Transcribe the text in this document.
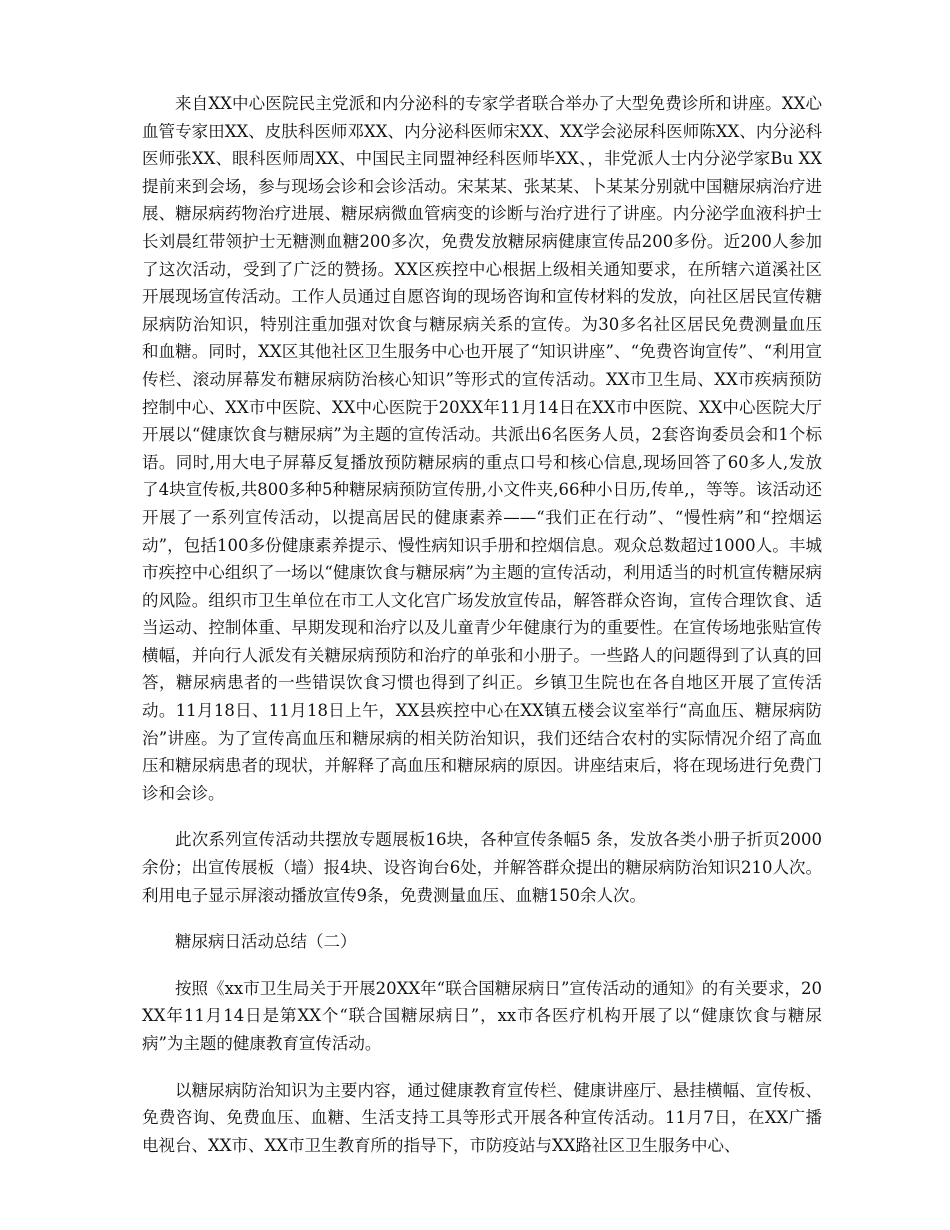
来自XX中心医院民主党派和内分泌科的专家学者联合举办了大型免费诊所和讲座。XX心血管专家田XX、皮肤科医师邓XX、内分泌科医师宋XX、XX学会泌尿科医师陈XX、内分泌科医师张XX、眼科医师周XX、中国民主同盟神经科医师毕XX、，非党派人士内分泌学家Bu XX提前来到会场，参与现场会诊和会诊活动。宋某某、张某某、卜某某分别就中国糖尿病治疗进展、糖尿病药物治疗进展、糖尿病微血管病变的诊断与治疗进行了讲座。内分泌学血液科护士长刘晨红带领护士无糖测血糖200多次，免费发放糖尿病健康宣传品200多份。近200人参加了这次活动，受到了广泛的赞扬。XX区疾控中心根据上级相关通知要求，在所辖六道溪社区开展现场宣传活动。工作人员通过自愿咨询的现场咨询和宣传材料的发放，向社区居民宣传糖尿病防治知识，特别注重加强对饮食与糖尿病关系的宣传。为30多名社区居民免费测量血压和血糖。同时，XX区其他社区卫生服务中心也开展了“知识讲座”、“免费咨询宣传”、“利用宣传栏、滚动屏幕发布糖尿病防治核心知识”等形式的宣传活动。XX市卫生局、XX市疾病预防控制中心、XX市中医院、XX中心医院于20XX年11月14日在XX市中医院、XX中心医院大厅开展以“健康饮食与糖尿病”为主题的宣传活动。共派出6名医务人员，2套咨询委员会和1个标语。同时,用大电子屏幕反复播放预防糖尿病的重点口号和核心信息,现场回答了60多人,发放了4块宣传板,共800多种5种糖尿病预防宣传册,小文件夹,66种小日历,传单,，等等。该活动还开展了一系列宣传活动，以提高居民的健康素养——“我们正在行动”、“慢性病”和“控烟运动”，包括100多份健康素养提示、慢性病知识手册和控烟信息。观众总数超过1000人。丰城市疾控中心组织了一场以“健康饮食与糖尿病”为主题的宣传活动，利用适当的时机宣传糖尿病的风险。组织市卫生单位在市工人文化宫广场发放宣传品，解答群众咨询，宣传合理饮食、适当运动、控制体重、早期发现和治疗以及儿童青少年健康行为的重要性。在宣传场地张贴宣传横幅，并向行人派发有关糖尿病预防和治疗的单张和小册子。一些路人的问题得到了认真的回答，糖尿病患者的一些错误饮食习惯也得到了纠正。乡镇卫生院也在各自地区开展了宣传活动。11月18日、11月18日上午，XX县疾控中心在XX镇五楼会议室举行“高血压、糖尿病防治”讲座。为了宣传高血压和糖尿病的相关防治知识，我们还结合农村的实际情况介绍了高血压和糖尿病患者的现状，并解释了高血压和糖尿病的原因。讲座结束后，将在现场进行免费门诊和会诊。

此次系列宣传活动共摆放专题展板16块，各种宣传条幅5 条，发放各类小册子折页2000余份；出宣传展板（墙）报4块、设咨询台6处，并解答群众提出的糖尿病防治知识210人次。利用电子显示屏滚动播放宣传9条，免费测量血压、血糖150余人次。

糖尿病日活动总结（二）

按照《xx市卫生局关于开展20XX年“联合国糖尿病日”宣传活动的通知》的有关要求，20XX年11月14日是第XX个“联合国糖尿病日”，xx市各医疗机构开展了以“健康饮食与糖尿病”为主题的健康教育宣传活动。

以糖尿病防治知识为主要内容，通过健康教育宣传栏、健康讲座厅、悬挂横幅、宣传板、免费咨询、免费血压、血糖、生活支持工具等形式开展各种宣传活动。11月7日，在XX广播电视台、XX市、XX市卫生教育所的指导下，市防疫站与XX路社区卫生服务中心、
